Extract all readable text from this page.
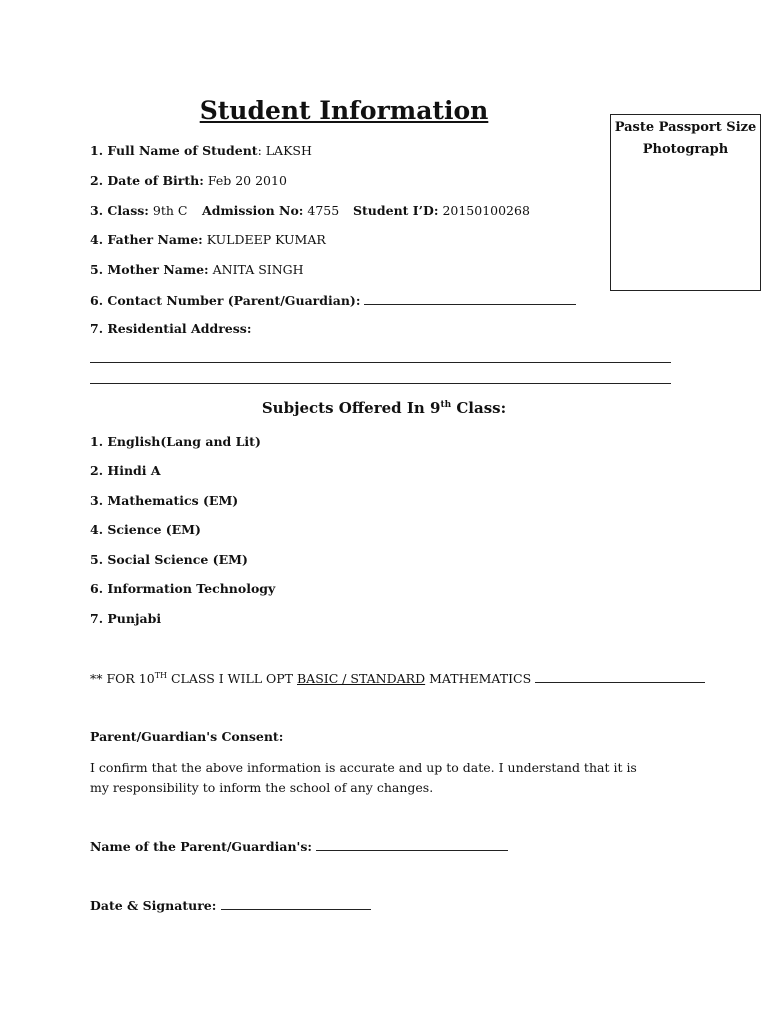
Student Information
Paste Passport Size
Photograph
1. Full Name of Student: LAKSH
2. Date of Birth: Feb 20 2010
3. Class: 9th C Admission No: 4755 Student I’D: 20150100268
4. Father Name: KULDEEP KUMAR
5. Mother Name: ANITA SINGH
6. Contact Number (Parent/Guardian):
7. Residential Address:
Subjects Offered In 9th Class:
1. English(Lang and Lit)
2. Hindi A
3. Mathematics (EM)
4. Science (EM)
5. Social Science (EM)
6. Information Technology
7. Punjabi
** FOR 10TH CLASS I WILL OPT BASIC / STANDARD MATHEMATICS
Parent/Guardian's Consent:
I confirm that the above information is accurate and up to date. I understand that it is my responsibility to inform the school of any changes.
Name of the Parent/Guardian's:
Date & Signature:
